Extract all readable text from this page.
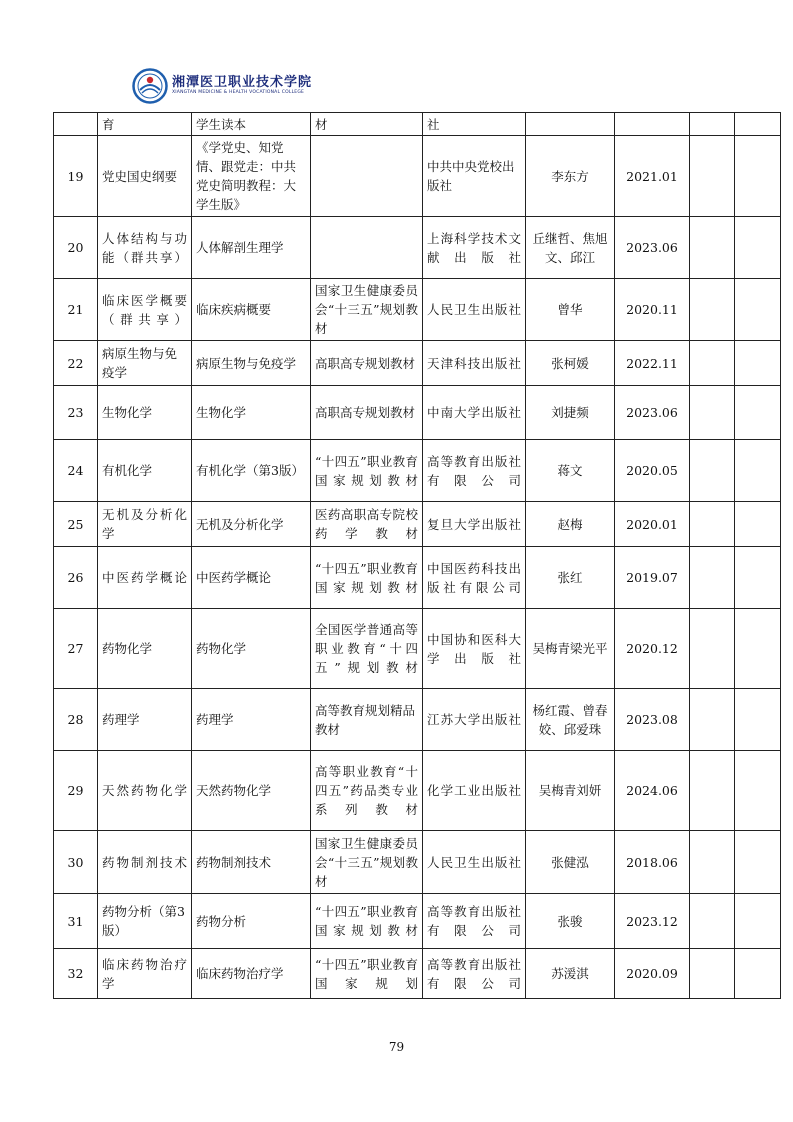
湘潭医卫职业技术学院
XIANGTAN MEDICINE & HEALTH VOCATIONAL COLLEGE
	育	学生读本	材	社				
19	党史国史纲要	《学党史、知党情、跟党走：中共党史简明教程：大学生版》		中共中央党校出版社	李东方	2021.01		
20	人体结构与功能（群共享）	人体解剖生理学		上海科学技术文献出版社	丘继哲、焦旭文、邱江	2023.06		
21	临床医学概要（群共享）	临床疾病概要	国家卫生健康委员会“十三五”规划教材	人民卫生出版社	曾华	2020.11		
22	病原生物与免疫学	病原生物与免疫学	高职高专规划教材	天津科技出版社	张柯媛	2022.11		
23	生物化学	生物化学	高职高专规划教材	中南大学出版社	刘捷频	2023.06		
24	有机化学	有机化学（第3版）	“十四五”职业教育国家规划教材	高等教育出版社有限公司	蒋文	2020.05		
25	无机及分析化学	无机及分析化学	医药高职高专院校药学教材	复旦大学出版社	赵梅	2020.01		
26	中医药学概论	中医药学概论	“十四五”职业教育国家规划教材	中国医药科技出版社有限公司	张红	2019.07		
27	药物化学	药物化学	全国医学普通高等职业教育“十四五”规划教材	中国协和医科大学出版社	吴梅青梁光平	2020.12		
28	药理学	药理学	高等教育规划精品教材	江苏大学出版社	杨红霞、曾春姣、邱爱珠	2023.08		
29	天然药物化学	天然药物化学	高等职业教育“十四五”药品类专业系列教材	化学工业出版社	吴梅青刘妍	2024.06		
30	药物制剂技术	药物制剂技术	国家卫生健康委员会“十三五”规划教材	人民卫生出版社	张健泓	2018.06		
31	药物分析（第3版）	药物分析	“十四五”职业教育国家规划教材	高等教育出版社有限公司	张骏	2023.12		
32	临床药物治疗学	临床药物治疗学	“十四五”职业教育国家规划	高等教育出版社有限公司	苏湲淇	2020.09		
79
